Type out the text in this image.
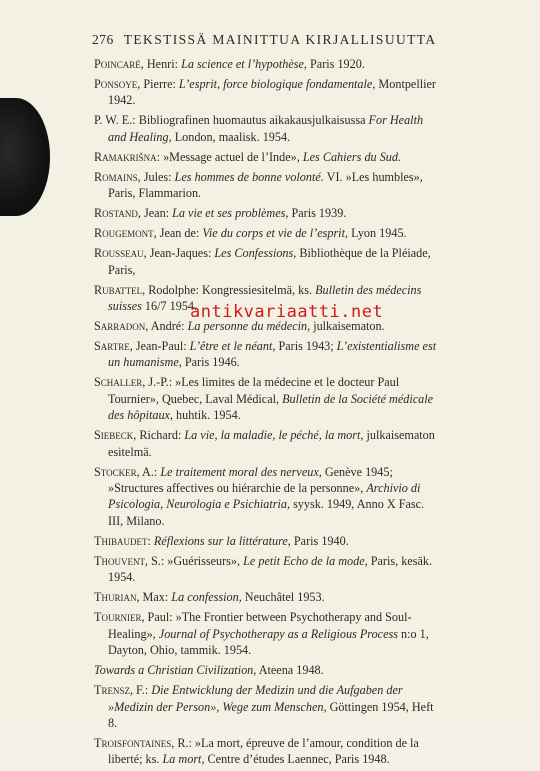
276 TEKSTISSÄ MAINITTUA KIRJALLISUUTTA
Poincaré, Henri: La science et l’hypothèse, Paris 1920.
Ponsoye, Pierre: L’esprit, force biologique fondamentale, Montpellier 1942.
P. W. E.: Bibliografinen huomautus aikakausjulkaisussa For Health and Healing, London, maalisk. 1954.
Ramakrišna: »Message actuel de l’Inde», Les Cahiers du Sud.
Romains, Jules: Les hommes de bonne volonté. VI. »Les humbles», Paris, Flammarion.
Rostand, Jean: La vie et ses problèmes, Paris 1939.
Rougemont, Jean de: Vie du corps et vie de l’esprit, Lyon 1945.
Rousseau, Jean-Jaques: Les Confessions, Bibliothèque de la Pléiade, Paris,
Rubattel, Rodolphe: Kongressiesitelmä, ks. Bulletin des médecins suisses 16/7 1954.
Sarradon, André: La personne du médecin, julkaisematon.
Sartre, Jean-Paul: L’être et le néant, Paris 1943; L’existentialisme est un humanisme, Paris 1946.
Schaller, J.-P.: »Les limites de la médecine et le docteur Paul Tournier», Quebec, Laval Médical, Bulletin de la Société médicale des hôpitaux, huhtik. 1954.
Siebeck, Richard: La vie, la maladie, le péché, la mort, julkaisematon esitelmä.
Stocker, A.: Le traitement moral des nerveux, Genève 1945; »Structures affectives ou hiérarchie de la personne», Archivio di Psicologia, Neurologia e Psichiatria, syysk. 1949, Anno X Fasc. III, Milano.
Thibaudet: Réflexions sur la littérature, Paris 1940.
Thouvent, S.: »Guérisseurs», Le petit Echo de la mode, Paris, kesäk. 1954.
Thurian, Max: La confession, Neuchâtel 1953.
Tournier, Paul: »The Frontier between Psychotherapy and Soul-Healing», Journal of Psychotherapy as a Religious Process n:o 1, Dayton, Ohio, tammik. 1954.
Towards a Christian Civilization, Ateena 1948.
Trensz, F.: Die Entwicklung der Medizin und die Aufgaben der »Medizin der Person», Wege zum Menschen, Göttingen 1954, Heft 8.
Troisfontaines, R.: »La mort, épreuve de l’amour, condition de la liberté; ks. La mort, Centre d’études Laennec, Paris 1948.
antikvariaatti.net
